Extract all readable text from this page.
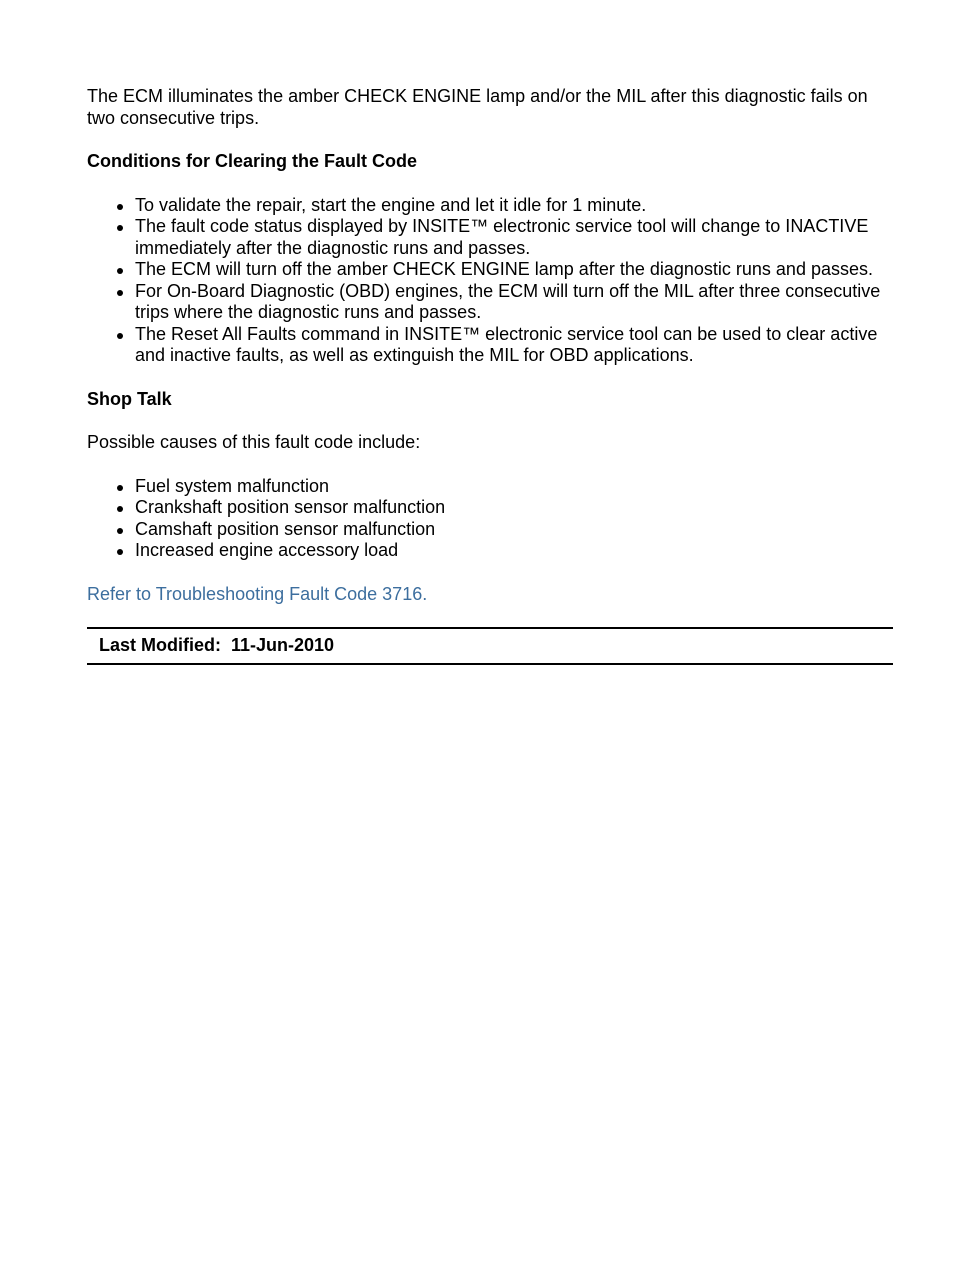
The ECM illuminates the amber CHECK ENGINE lamp and/or the MIL after this diagnostic fails on two consecutive trips.

Conditions for Clearing the Fault Code
To validate the repair, start the engine and let it idle for 1 minute.
The fault code status displayed by INSITE™ electronic service tool will change to INACTIVE immediately after the diagnostic runs and passes.
The ECM will turn off the amber CHECK ENGINE lamp after the diagnostic runs and passes.
For On-Board Diagnostic (OBD) engines, the ECM will turn off the MIL after three consecutive trips where the diagnostic runs and passes.
The Reset All Faults command in INSITE™ electronic service tool can be used to clear active and inactive faults, as well as extinguish the MIL for OBD applications.
Shop Talk

Possible causes of this fault code include:

Fuel system malfunction
Crankshaft position sensor malfunction
Camshaft position sensor malfunction
Increased engine accessory load
Refer to Troubleshooting Fault Code 3716.
Last Modified: 11-Jun-2010
